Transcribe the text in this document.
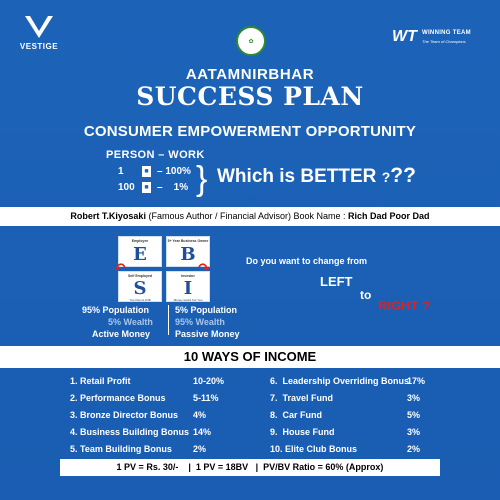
VESTIGE
✿	WT WINNING TEAM
The Team of Champions
AATAMNIRBHAR
SUCCESS PLAN
CONSUMER EMPOWERMENT OPPORTUNITY
PERSON – WORK
1	■ – 100%
100 ■ –    1% } Which is BETTER ???
Robert T.Kiyosaki (Famous Author / Financial Advisor) Book Name : Rich Dad Poor Dad
Employee
E
5+ Year Business Owner
B
Self Employed
S
You Own A JOB
Investor
I
Money works For You
↶	↷
95% Population
5% Wealth
Active Money
5% Population
95% Wealth
Passive Money
Do you want to change from
LEFT
to
RIGHT ?
10 WAYS OF INCOME
1. Retail Profit	10-20%
2. Performance Bonus	5-11%
3. Bronze Director Bonus 4%
4. Business Building Bonus 14%
5. Team Building Bonus 2%
6.  Leadership Overriding Bonus
17%
7.  Travel Fund	3%
8.  Car Fund	5%
9.  House Fund	3%
10. Elite Club Bonus	2%
1 PV = Rs. 30/-    |  1 PV = 18BV   |  PV/BV Ratio = 60% (Approx)
